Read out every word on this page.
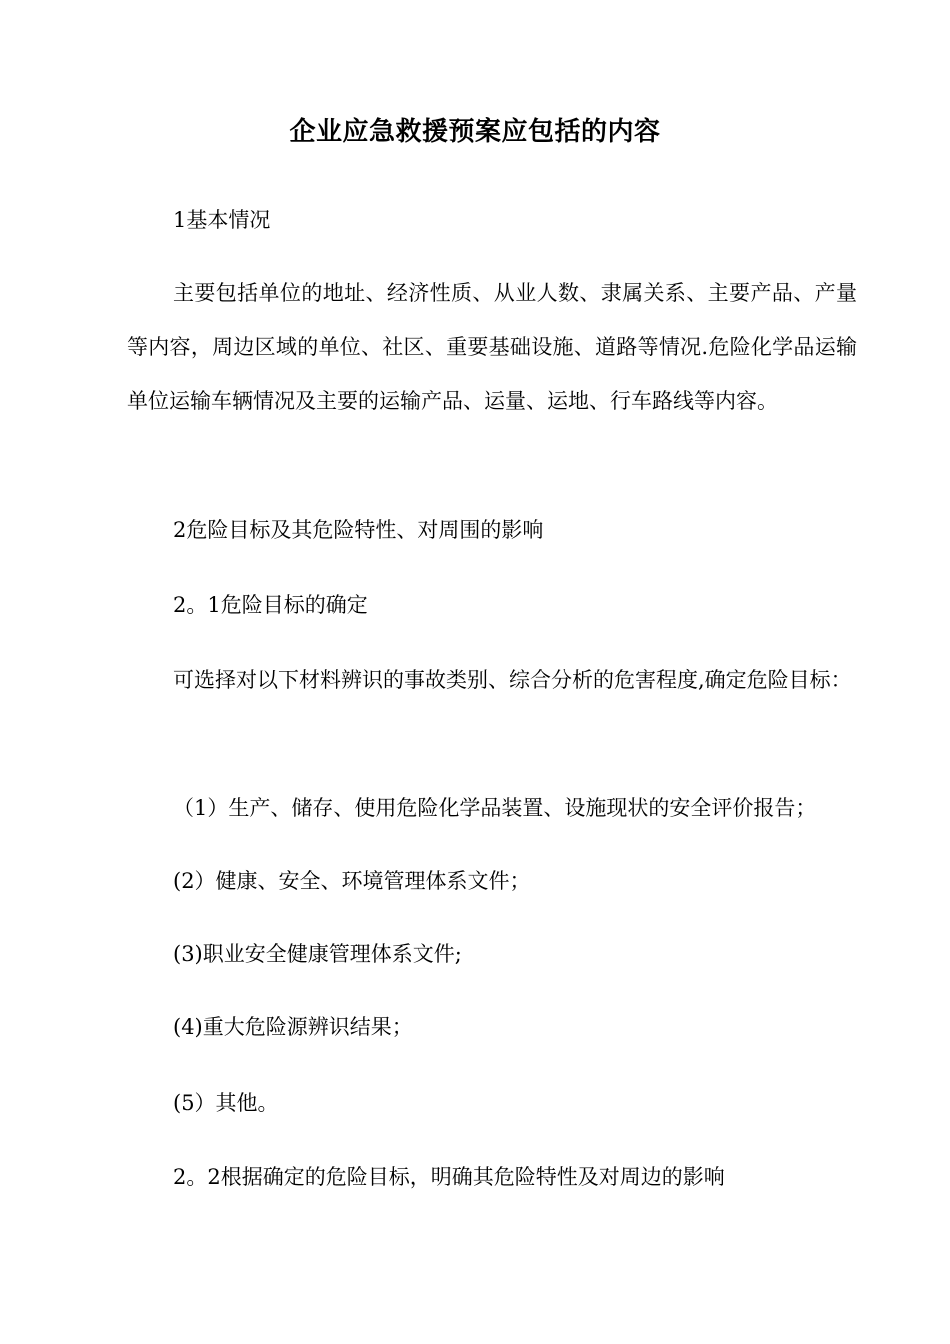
企业应急救援预案应包括的内容

1基本情况

主要包括单位的地址、经济性质、从业人数、隶属关系、主要产品、产量等内容，周边区域的单位、社区、重要基础设施、道路等情况.危险化学品运输单位运输车辆情况及主要的运输产品、运量、运地、行车路线等内容。

2危险目标及其危险特性、对周围的影响

2。1危险目标的确定

可选择对以下材料辨识的事故类别、综合分析的危害程度,确定危险目标：

（1）生产、储存、使用危险化学品装置、设施现状的安全评价报告；

(2）健康、安全、环境管理体系文件；

(3)职业安全健康管理体系文件;

(4)重大危险源辨识结果；

(5）其他。

2。2根据确定的危险目标，明确其危险特性及对周边的影响
